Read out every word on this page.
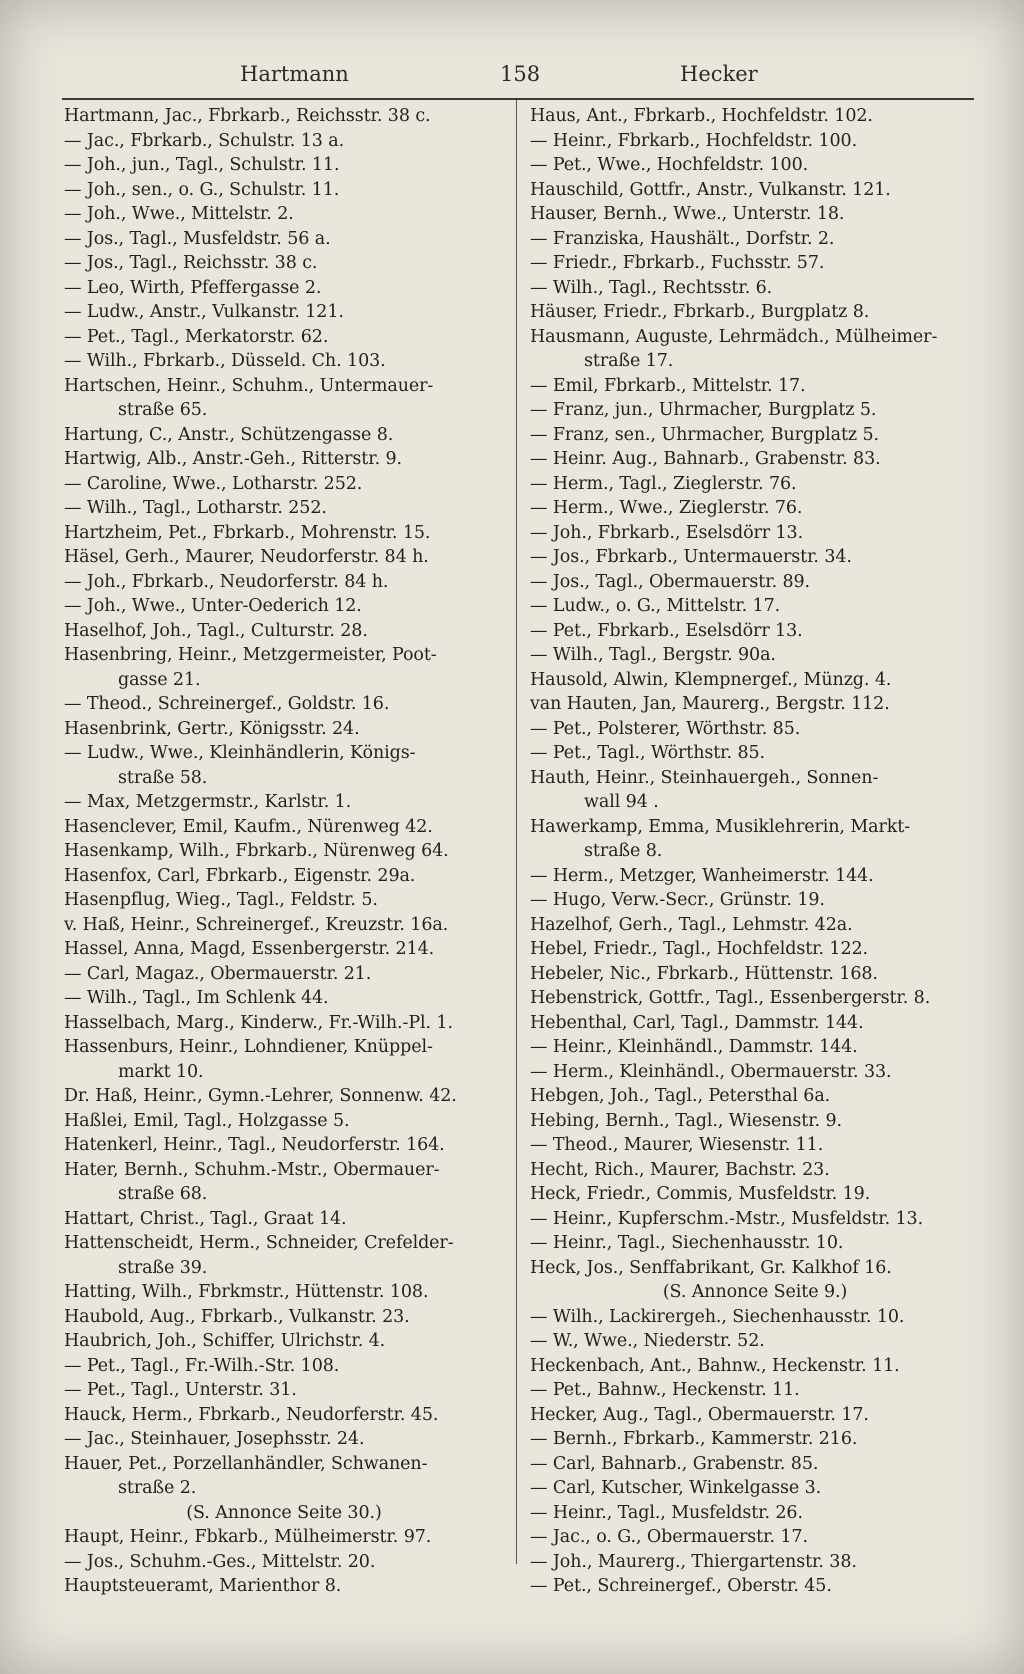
Hartmann	158	Hecker
Hartmann, Jac., Fbrkarb., Reichsstr. 38 c.
— Jac., Fbrkarb., Schulstr. 13 a.
— Joh., jun., Tagl., Schulstr. 11.
— Joh., sen., o. G., Schulstr. 11.
— Joh., Wwe., Mittelstr. 2.
— Jos., Tagl., Musfeldstr. 56 a.
— Jos., Tagl., Reichsstr. 38 c.
— Leo, Wirth, Pfeffergasse 2.
— Ludw., Anstr., Vulkanstr. 121.
— Pet., Tagl., Merkatorstr. 62.
— Wilh., Fbrkarb., Düsseld. Ch. 103.
Hartschen, Heinr., Schuhm., Untermauer-
straße 65.
Hartung, C., Anstr., Schützengasse 8.
Hartwig, Alb., Anstr.-Geh., Ritterstr. 9.
— Caroline, Wwe., Lotharstr. 252.
— Wilh., Tagl., Lotharstr. 252.
Hartzheim, Pet., Fbrkarb., Mohrenstr. 15.
Häsel, Gerh., Maurer, Neudorferstr. 84 h.
— Joh., Fbrkarb., Neudorferstr. 84 h.
— Joh., Wwe., Unter-Oederich 12.
Haselhof, Joh., Tagl., Culturstr. 28.
Hasenbring, Heinr., Metzgermeister, Poot-
gasse 21.
— Theod., Schreinergef., Goldstr. 16.
Hasenbrink, Gertr., Königsstr. 24.
— Ludw., Wwe., Kleinhändlerin, Königs-
straße 58.
— Max, Metzgermstr., Karlstr. 1.
Hasenclever, Emil, Kaufm., Nürenweg 42.
Hasenkamp, Wilh., Fbrkarb., Nürenweg 64.
Hasenfox, Carl, Fbrkarb., Eigenstr. 29a.
Hasenpflug, Wieg., Tagl., Feldstr. 5.
v. Haß, Heinr., Schreinergef., Kreuzstr. 16a.
Hassel, Anna, Magd, Essenbergerstr. 214.
— Carl, Magaz., Obermauerstr. 21.
— Wilh., Tagl., Im Schlenk 44.
Hasselbach, Marg., Kinderw., Fr.-Wilh.-Pl. 1.
Hassenburs, Heinr., Lohndiener, Knüppel-
markt 10.
Dr. Haß, Heinr., Gymn.-Lehrer, Sonnenw. 42.
Haßlei, Emil, Tagl., Holzgasse 5.
Hatenkerl, Heinr., Tagl., Neudorferstr. 164.
Hater, Bernh., Schuhm.-Mstr., Obermauer-
straße 68.
Hattart, Christ., Tagl., Graat 14.
Hattenscheidt, Herm., Schneider, Crefelder-
straße 39.
Hatting, Wilh., Fbrkmstr., Hüttenstr. 108.
Haubold, Aug., Fbrkarb., Vulkanstr. 23.
Haubrich, Joh., Schiffer, Ulrichstr. 4.
— Pet., Tagl., Fr.-Wilh.-Str. 108.
— Pet., Tagl., Unterstr. 31.
Hauck, Herm., Fbrkarb., Neudorferstr. 45.
— Jac., Steinhauer, Josephsstr. 24.
Hauer, Pet., Porzellanhändler, Schwanen-
straße 2.
(S. Annonce Seite 30.)
Haupt, Heinr., Fbkarb., Mülheimerstr. 97.
— Jos., Schuhm.-Ges., Mittelstr. 20.
Hauptsteueramt, Marienthor 8.
Haus, Ant., Fbrkarb., Hochfeldstr. 102.
— Heinr., Fbrkarb., Hochfeldstr. 100.
— Pet., Wwe., Hochfeldstr. 100.
Hauschild, Gottfr., Anstr., Vulkanstr. 121.
Hauser, Bernh., Wwe., Unterstr. 18.
— Franziska, Haushält., Dorfstr. 2.
— Friedr., Fbrkarb., Fuchsstr. 57.
— Wilh., Tagl., Rechtsstr. 6.
Häuser, Friedr., Fbrkarb., Burgplatz 8.
Hausmann, Auguste, Lehrmädch., Mülheimer-
straße 17.
— Emil, Fbrkarb., Mittelstr. 17.
— Franz, jun., Uhrmacher, Burgplatz 5.
— Franz, sen., Uhrmacher, Burgplatz 5.
— Heinr. Aug., Bahnarb., Grabenstr. 83.
— Herm., Tagl., Zieglerstr. 76.
— Herm., Wwe., Zieglerstr. 76.
— Joh., Fbrkarb., Eselsdörr 13.
— Jos., Fbrkarb., Untermauerstr. 34.
— Jos., Tagl., Obermauerstr. 89.
— Ludw., o. G., Mittelstr. 17.
— Pet., Fbrkarb., Eselsdörr 13.
— Wilh., Tagl., Bergstr. 90a.
Hausold, Alwin, Klempnergef., Münzg. 4.
van Hauten, Jan, Maurerg., Bergstr. 112.
— Pet., Polsterer, Wörthstr. 85.
— Pet., Tagl., Wörthstr. 85.
Hauth, Heinr., Steinhauergeh., Sonnen-
wall 94 .
Hawerkamp, Emma, Musiklehrerin, Markt-
straße 8.
— Herm., Metzger, Wanheimerstr. 144.
— Hugo, Verw.-Secr., Grünstr. 19.
Hazelhof, Gerh., Tagl., Lehmstr. 42a.
Hebel, Friedr., Tagl., Hochfeldstr. 122.
Hebeler, Nic., Fbrkarb., Hüttenstr. 168.
Hebenstrick, Gottfr., Tagl., Essenbergerstr. 8.
Hebenthal, Carl, Tagl., Dammstr. 144.
— Heinr., Kleinhändl., Dammstr. 144.
— Herm., Kleinhändl., Obermauerstr. 33.
Hebgen, Joh., Tagl., Petersthal 6a.
Hebing, Bernh., Tagl., Wiesenstr. 9.
— Theod., Maurer, Wiesenstr. 11.
Hecht, Rich., Maurer, Bachstr. 23.
Heck, Friedr., Commis, Musfeldstr. 19.
— Heinr., Kupferschm.-Mstr., Musfeldstr. 13.
— Heinr., Tagl., Siechenhausstr. 10.
Heck, Jos., Senffabrikant, Gr. Kalkhof 16.
(S. Annonce Seite 9.)
— Wilh., Lackirergeh., Siechenhausstr. 10.
— W., Wwe., Niederstr. 52.
Heckenbach, Ant., Bahnw., Heckenstr. 11.
— Pet., Bahnw., Heckenstr. 11.
Hecker, Aug., Tagl., Obermauerstr. 17.
— Bernh., Fbrkarb., Kammerstr. 216.
— Carl, Bahnarb., Grabenstr. 85.
— Carl, Kutscher, Winkelgasse 3.
— Heinr., Tagl., Musfeldstr. 26.
— Jac., o. G., Obermauerstr. 17.
— Joh., Maurerg., Thiergartenstr. 38.
— Pet., Schreinergef., Oberstr. 45.
